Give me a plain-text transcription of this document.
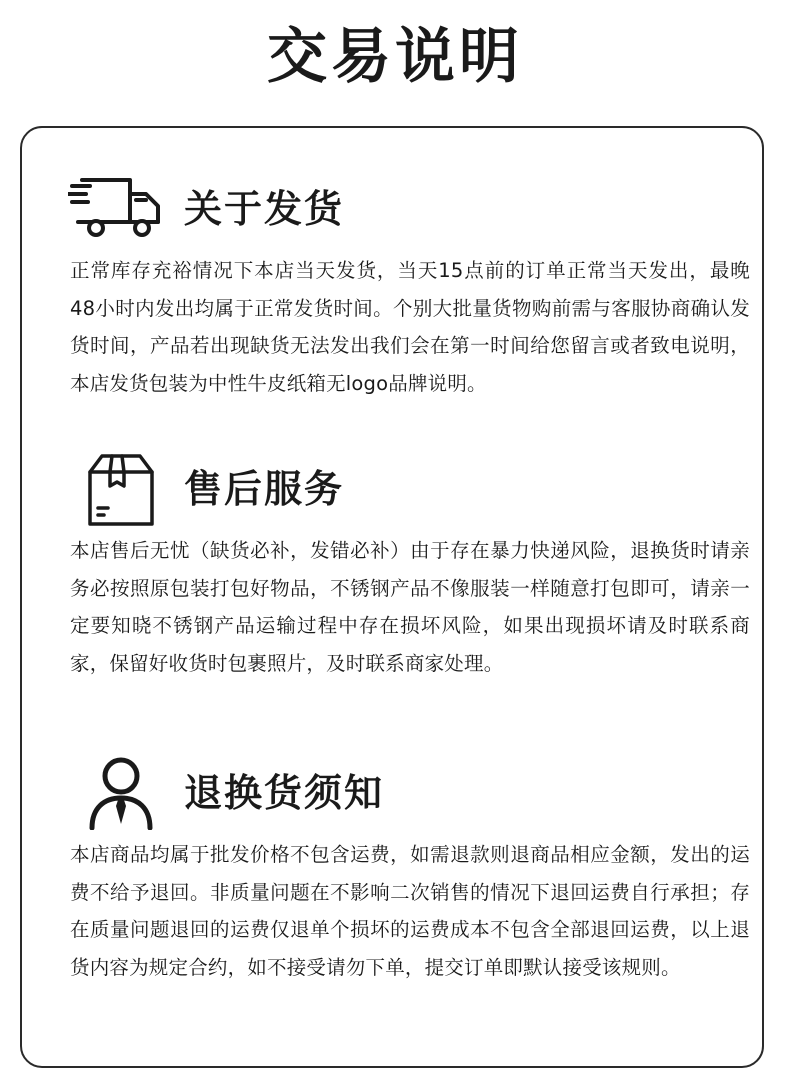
交易说明
关于发货
正常库存充裕情况下本店当天发货，当天15点前的订单正常当天发出，最晚48小时内发出均属于正常发货时间。个别大批量货物购前需与客服协商确认发货时间，产品若出现缺货无法发出我们会在第一时间给您留言或者致电说明，本店发货包装为中性牛皮纸箱无logo品牌说明。
售后服务
本店售后无忧（缺货必补，发错必补）由于存在暴力快递风险，退换货时请亲务必按照原包装打包好物品，不锈钢产品不像服装一样随意打包即可，请亲一定要知晓不锈钢产品运输过程中存在损坏风险，如果出现损坏请及时联系商家，保留好收货时包裹照片，及时联系商家处理。
退换货须知
本店商品均属于批发价格不包含运费，如需退款则退商品相应金额，发出的运费不给予退回。非质量问题在不影响二次销售的情况下退回运费自行承担；存在质量问题退回的运费仅退单个损坏的运费成本不包含全部退回运费，以上退货内容为规定合约，如不接受请勿下单，提交订单即默认接受该规则。
